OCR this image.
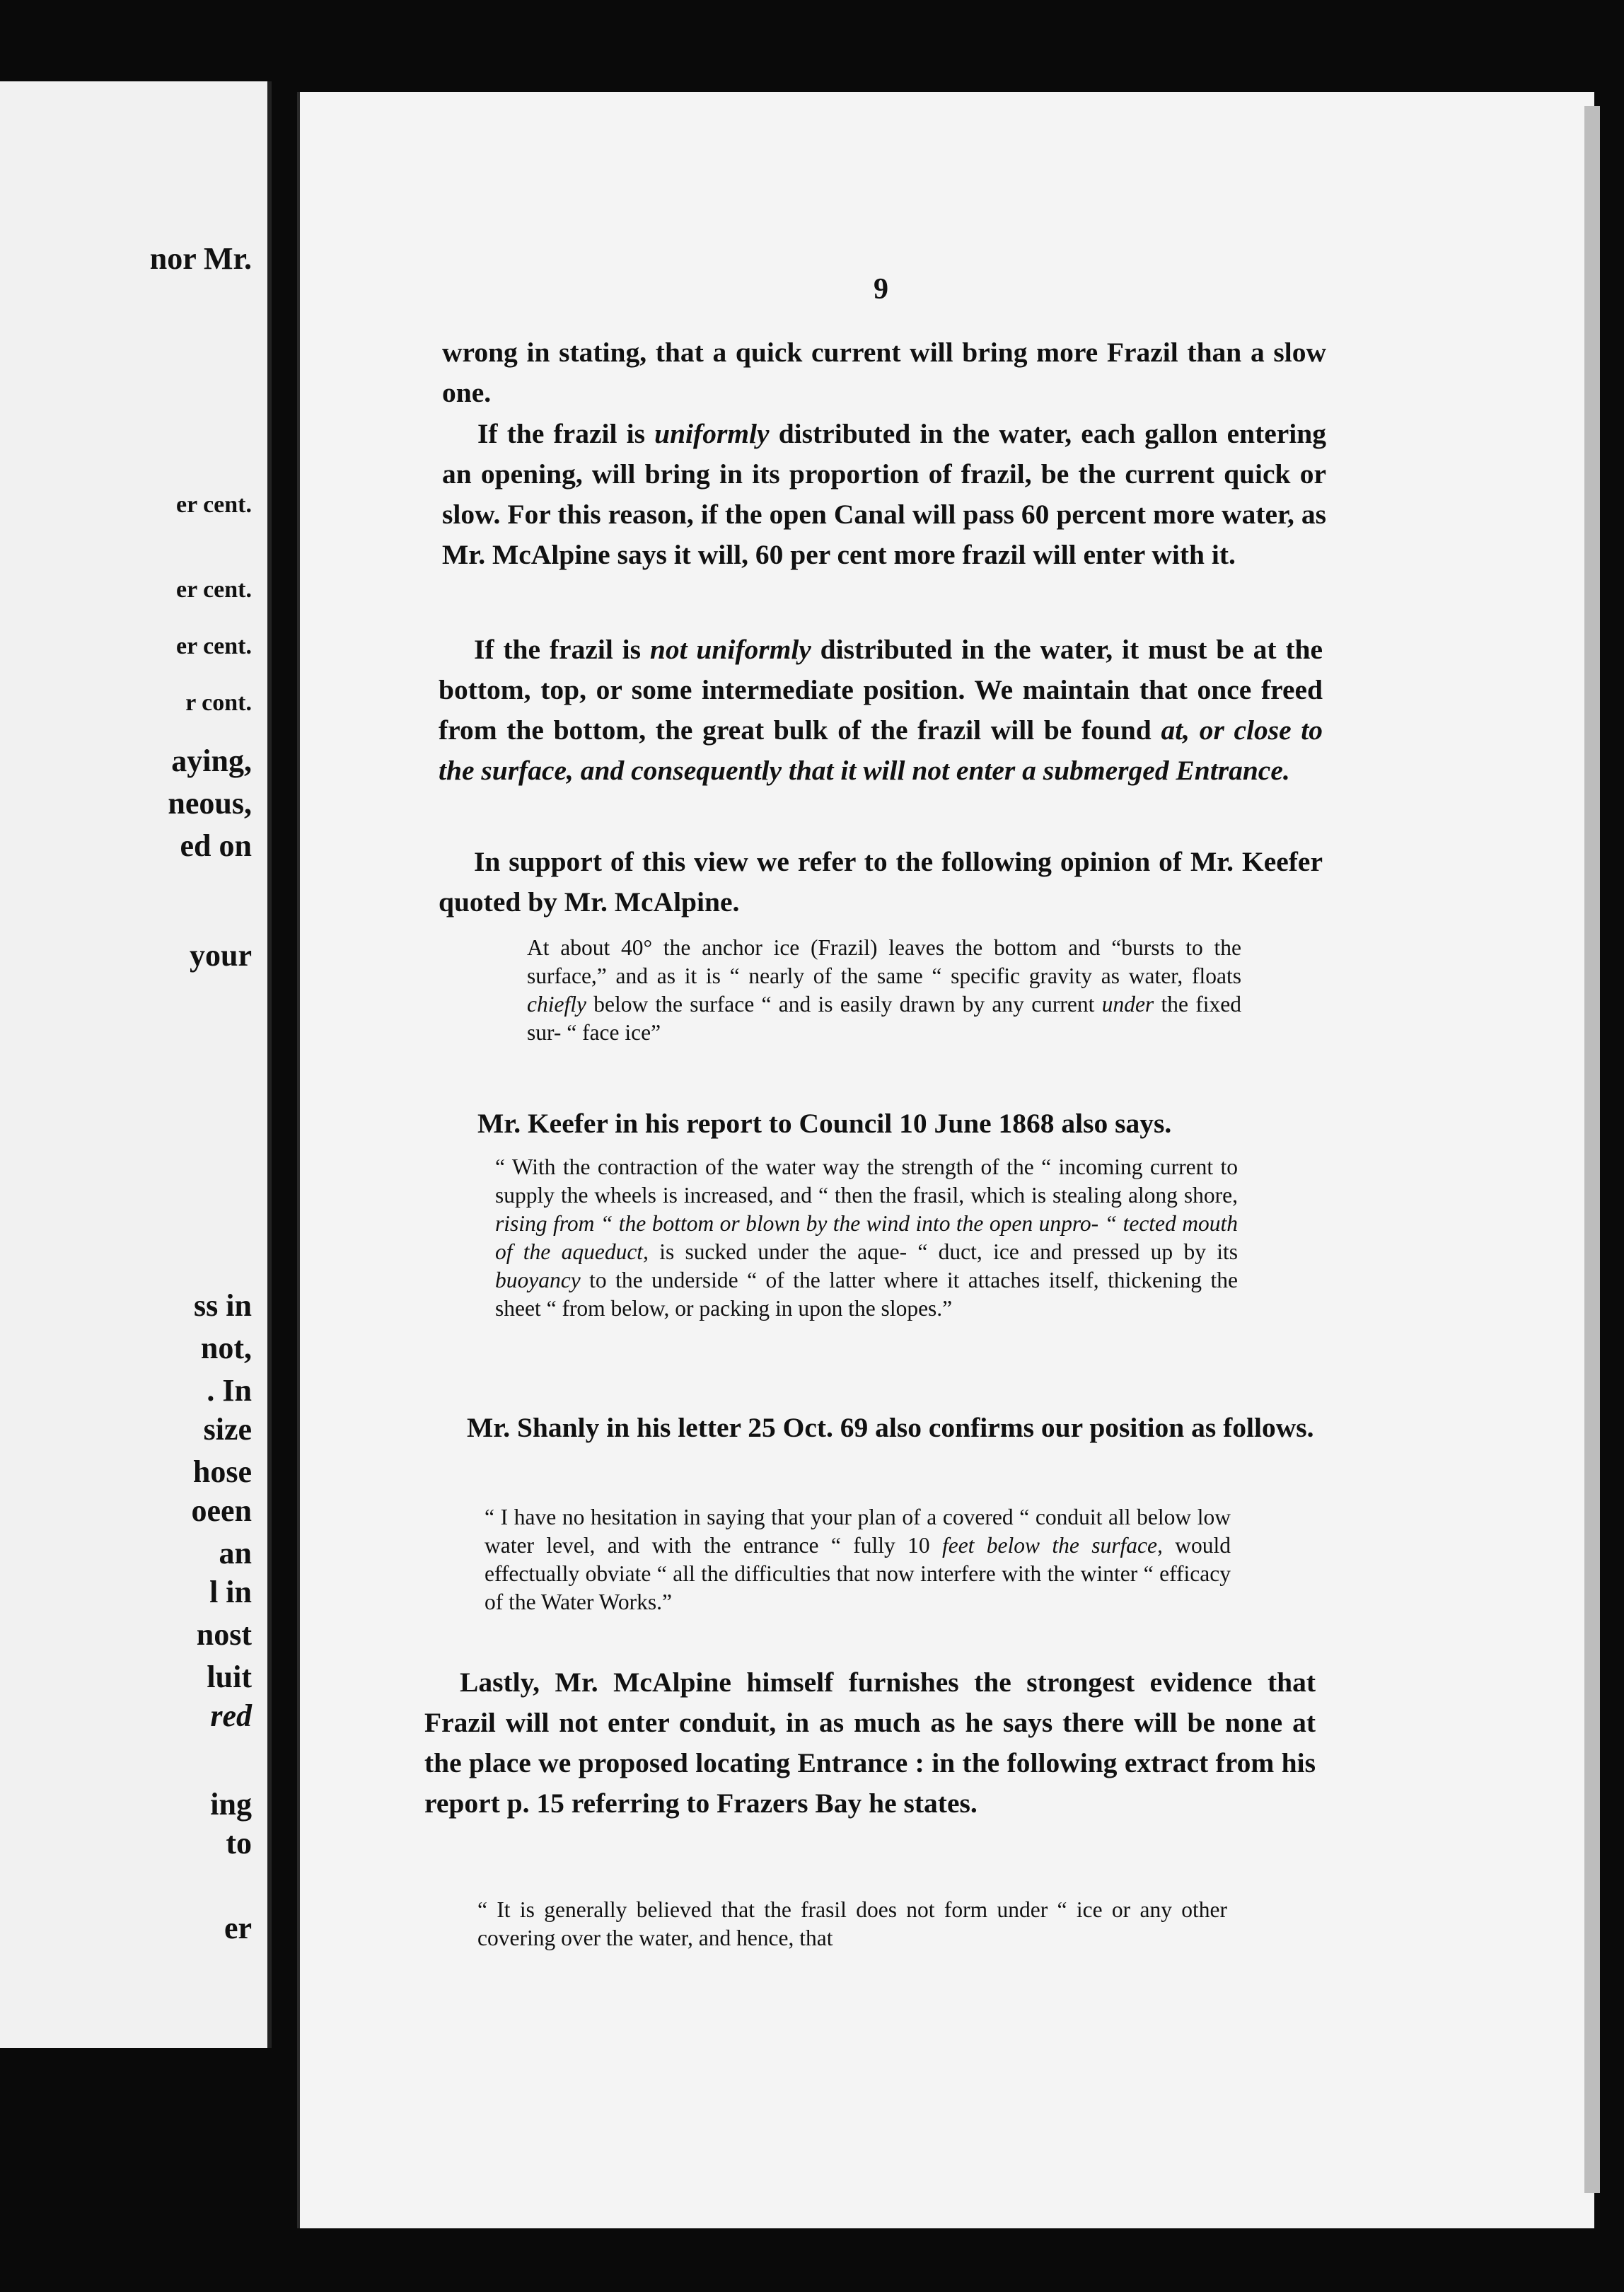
nor Mr.
er cent.
er cent.
er cent.
r cont.
aying,
neous,
ed on
your
ss in
not,
. In
size
hose
oeen
an
l in
nost
luit
red
ing
to
er
9

wrong in stating, that a quick current will bring more Frazil than a slow one.

If the frazil is uniformly distributed in the water, each gallon entering an opening, will bring in its proportion of frazil, be the current quick or slow. For this reason, if the open Canal will pass 60 percent more water, as Mr. McAlpine says it will, 60 per cent more frazil will enter with it.

If the frazil is not uniformly distributed in the water, it must be at the bottom, top, or some intermediate position. We maintain that once freed from the bottom, the great bulk of the frazil will be found at, or close to the surface, and consequently that it will not enter a submerged Entrance.

In support of this view we refer to the following opinion of Mr. Keefer quoted by Mr. McAlpine.

At about 40° the anchor ice (Frazil) leaves the bottom and “bursts to the surface,” and as it is “ nearly of the same “ specific gravity as water, floats chiefly below the surface “ and is easily drawn by any current under the fixed sur- “ face ice”

Mr. Keefer in his report to Council 10 June 1868 also says.

“ With the contraction of the water way the strength of the “ incoming current to supply the wheels is increased, and “ then the frasil, which is stealing along shore, rising from “ the bottom or blown by the wind into the open unpro- “ tected mouth of the aqueduct, is sucked under the aque- “ duct, ice and pressed up by its buoyancy to the underside “ of the latter where it attaches itself, thickening the sheet “ from below, or packing in upon the slopes.”

Mr. Shanly in his letter 25 Oct. 69 also confirms our position as follows.

“ I have no hesitation in saying that your plan of a covered “ conduit all below low water level, and with the entrance “ fully 10 feet below the surface, would effectually obviate “ all the difficulties that now interfere with the winter “ efficacy of the Water Works.”

Lastly, Mr. McAlpine himself furnishes the strongest evidence that Frazil will not enter conduit, in as much as he says there will be none at the place we proposed locating Entrance : in the following extract from his report p. 15 referring to Frazers Bay he states.

“ It is generally believed that the frasil does not form under “ ice or any other covering over the water, and hence, that
